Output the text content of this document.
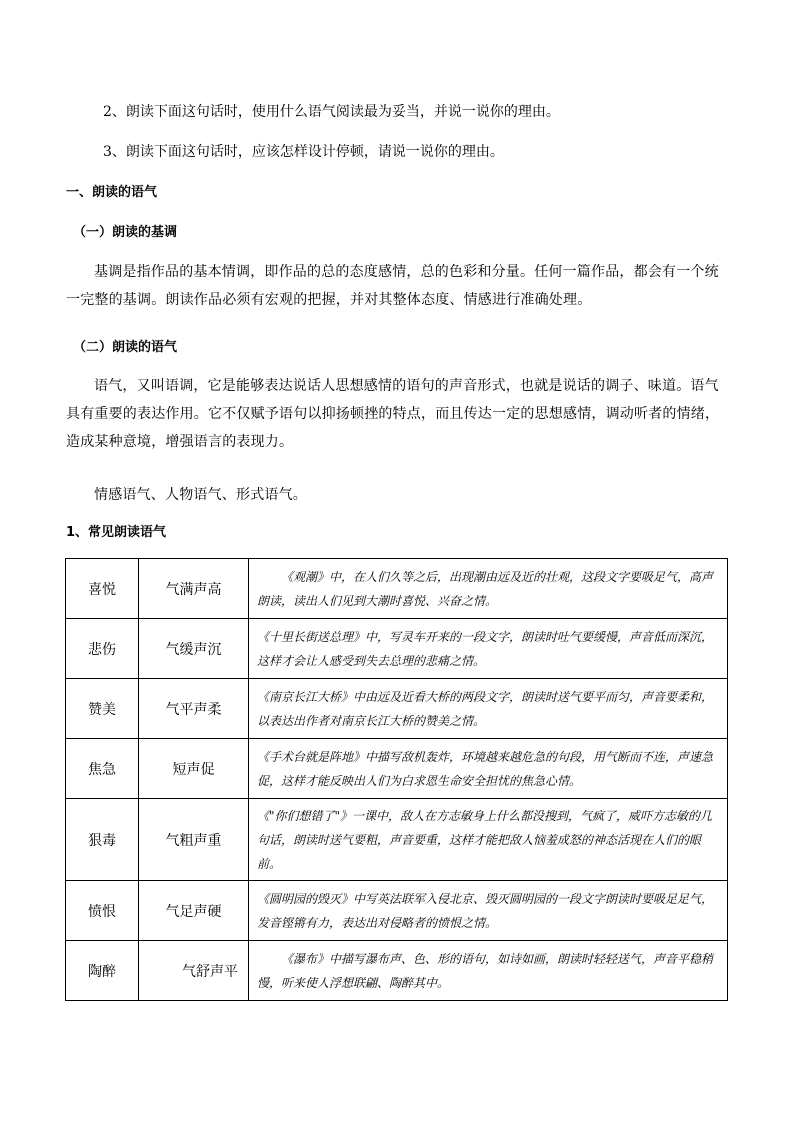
2、朗读下面这句话时，使用什么语气阅读最为妥当，并说一说你的理由。
3、朗读下面这句话时，应该怎样设计停顿，请说一说你的理由。
一、朗读的语气
（一）朗读的基调
基调是指作品的基本情调，即作品的总的态度感情，总的色彩和分量。任何一篇作品，都会有一个统一完整的基调。朗读作品必须有宏观的把握，并对其整体态度、情感进行准确处理。
（二）朗读的语气
语气，又叫语调，它是能够表达说话人思想感情的语句的声音形式，也就是说话的调子、味道。语气具有重要的表达作用。它不仅赋予语句以抑扬顿挫的特点，而且传达一定的思想感情，调动听者的情绪，造成某种意境，增强语言的表现力。
情感语气、人物语气、形式语气。
1、常见朗读语气
喜悦	气满声高	《观潮》中，在人们久等之后，出现潮由远及近的壮观，这段文字要吸足气，高声朗读，读出人们见到大潮时喜悦、兴奋之情。
悲伤	气缓声沉	《十里长街送总理》中，写灵车开来的一段文字，朗读时吐气要缓慢，声音低而深沉，这样才会让人感受到失去总理的悲痛之情。
赞美	气平声柔	《南京长江大桥》中由远及近看大桥的两段文字，朗读时送气要平而匀，声音要柔和，以表达出作者对南京长江大桥的赞美之情。
焦急	短声促	《手术台就是阵地》中描写敌机轰炸，环境越来越危急的句段，用气断而不连，声速急促，这样才能反映出人们为白求恩生命安全担忧的焦急心情。
狠毒	气粗声重	《"你们想错了"》一课中，敌人在方志敏身上什么都没搜到，气疯了，威吓方志敏的几句话，朗读时送气要粗，声音要重，这样才能把敌人恼羞成怒的神态活现在人们的眼前。
愤恨	气足声硬	《圆明园的毁灭》中写英法联军入侵北京、毁灭圆明园的一段文字朗读时要吸足足气，发音铿锵有力，表达出对侵略者的愤恨之情。
陶醉	气舒声平	《瀑布》中描写瀑布声、色、形的语句，如诗如画，朗读时轻轻送气，声音平稳稍慢，听来使人浮想联翩、陶醉其中。
